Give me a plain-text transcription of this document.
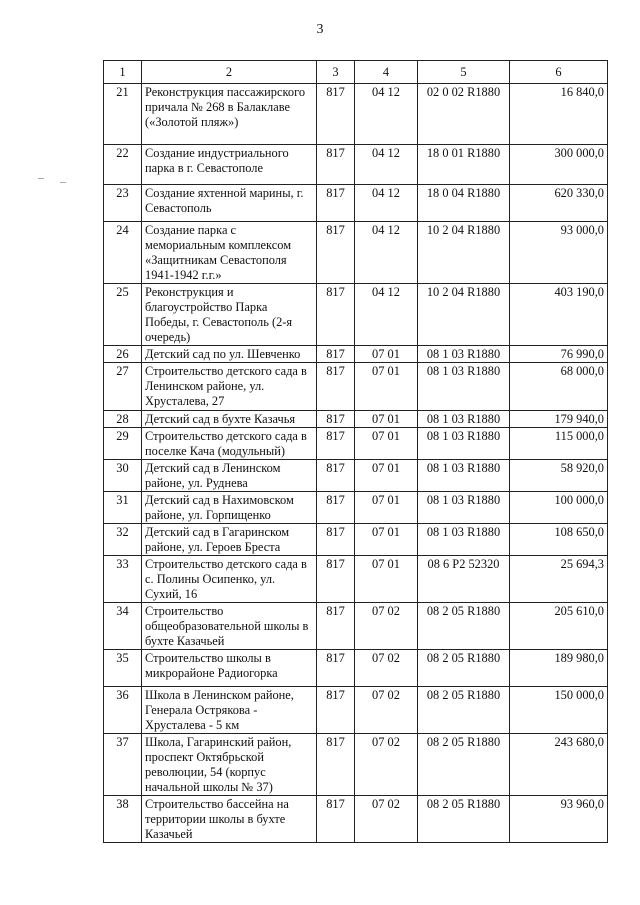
3
1	2	3	4	5	6
21	Реконструкция пассажирского причала № 268 в Балаклаве («Золотой пляж»)	817	04 12	02 0 02 R1880	16 840,0
22	Создание индустриального парка в г. Севастополе	817	04 12	18 0 01 R1880	300 000,0
23	Создание яхтенной марины, г. Севастополь	817	04 12	18 0 04 R1880	620 330,0
24	Создание парка с мемориальным комплексом «Защитникам Севастополя 1941-1942 г.г.»	817	04 12	10 2 04 R1880	93 000,0
25	Реконструкция и благоустройство Парка Победы, г. Севастополь (2-я очередь)	817	04 12	10 2 04 R1880	403 190,0
26	Детский сад по ул. Шевченко	817	07 01	08 1 03 R1880	76 990,0
27	Строительство детского сада в Ленинском районе, ул. Хрусталева, 27	817	07 01	08 1 03 R1880	68 000,0
28	Детский сад в бухте Казачья	817	07 01	08 1 03 R1880	179 940,0
29	Строительство детского сада в поселке Кача (модульный)	817	07 01	08 1 03 R1880	115 000,0
30	Детский сад в Ленинском районе, ул. Руднева	817	07 01	08 1 03 R1880	58 920,0
31	Детский сад в Нахимовском районе, ул. Горпищенко	817	07 01	08 1 03 R1880	100 000,0
32	Детский сад в Гагаринском районе, ул. Героев Бреста	817	07 01	08 1 03 R1880	108 650,0
33	Строительство детского сада в с. Полины Осипенко, ул. Сухий, 16	817	07 01	08 6 P2 52320	25 694,3
34	Строительство общеобразовательной школы в бухте Казачьей	817	07 02	08 2 05 R1880	205 610,0
35	Строительство школы в микрорайоне Радиогорка	817	07 02	08 2 05 R1880	189 980,0
36	Школа в Ленинском районе, Генерала Острякова - Хрусталева - 5 км	817	07 02	08 2 05 R1880	150 000,0
37	Школа, Гагаринский район, проспект Октябрьской революции, 54 (корпус начальной школы № 37)	817	07 02	08 2 05 R1880	243 680,0
38	Строительство бассейна на территории школы в бухте Казачьей	817	07 02	08 2 05 R1880	93 960,0
